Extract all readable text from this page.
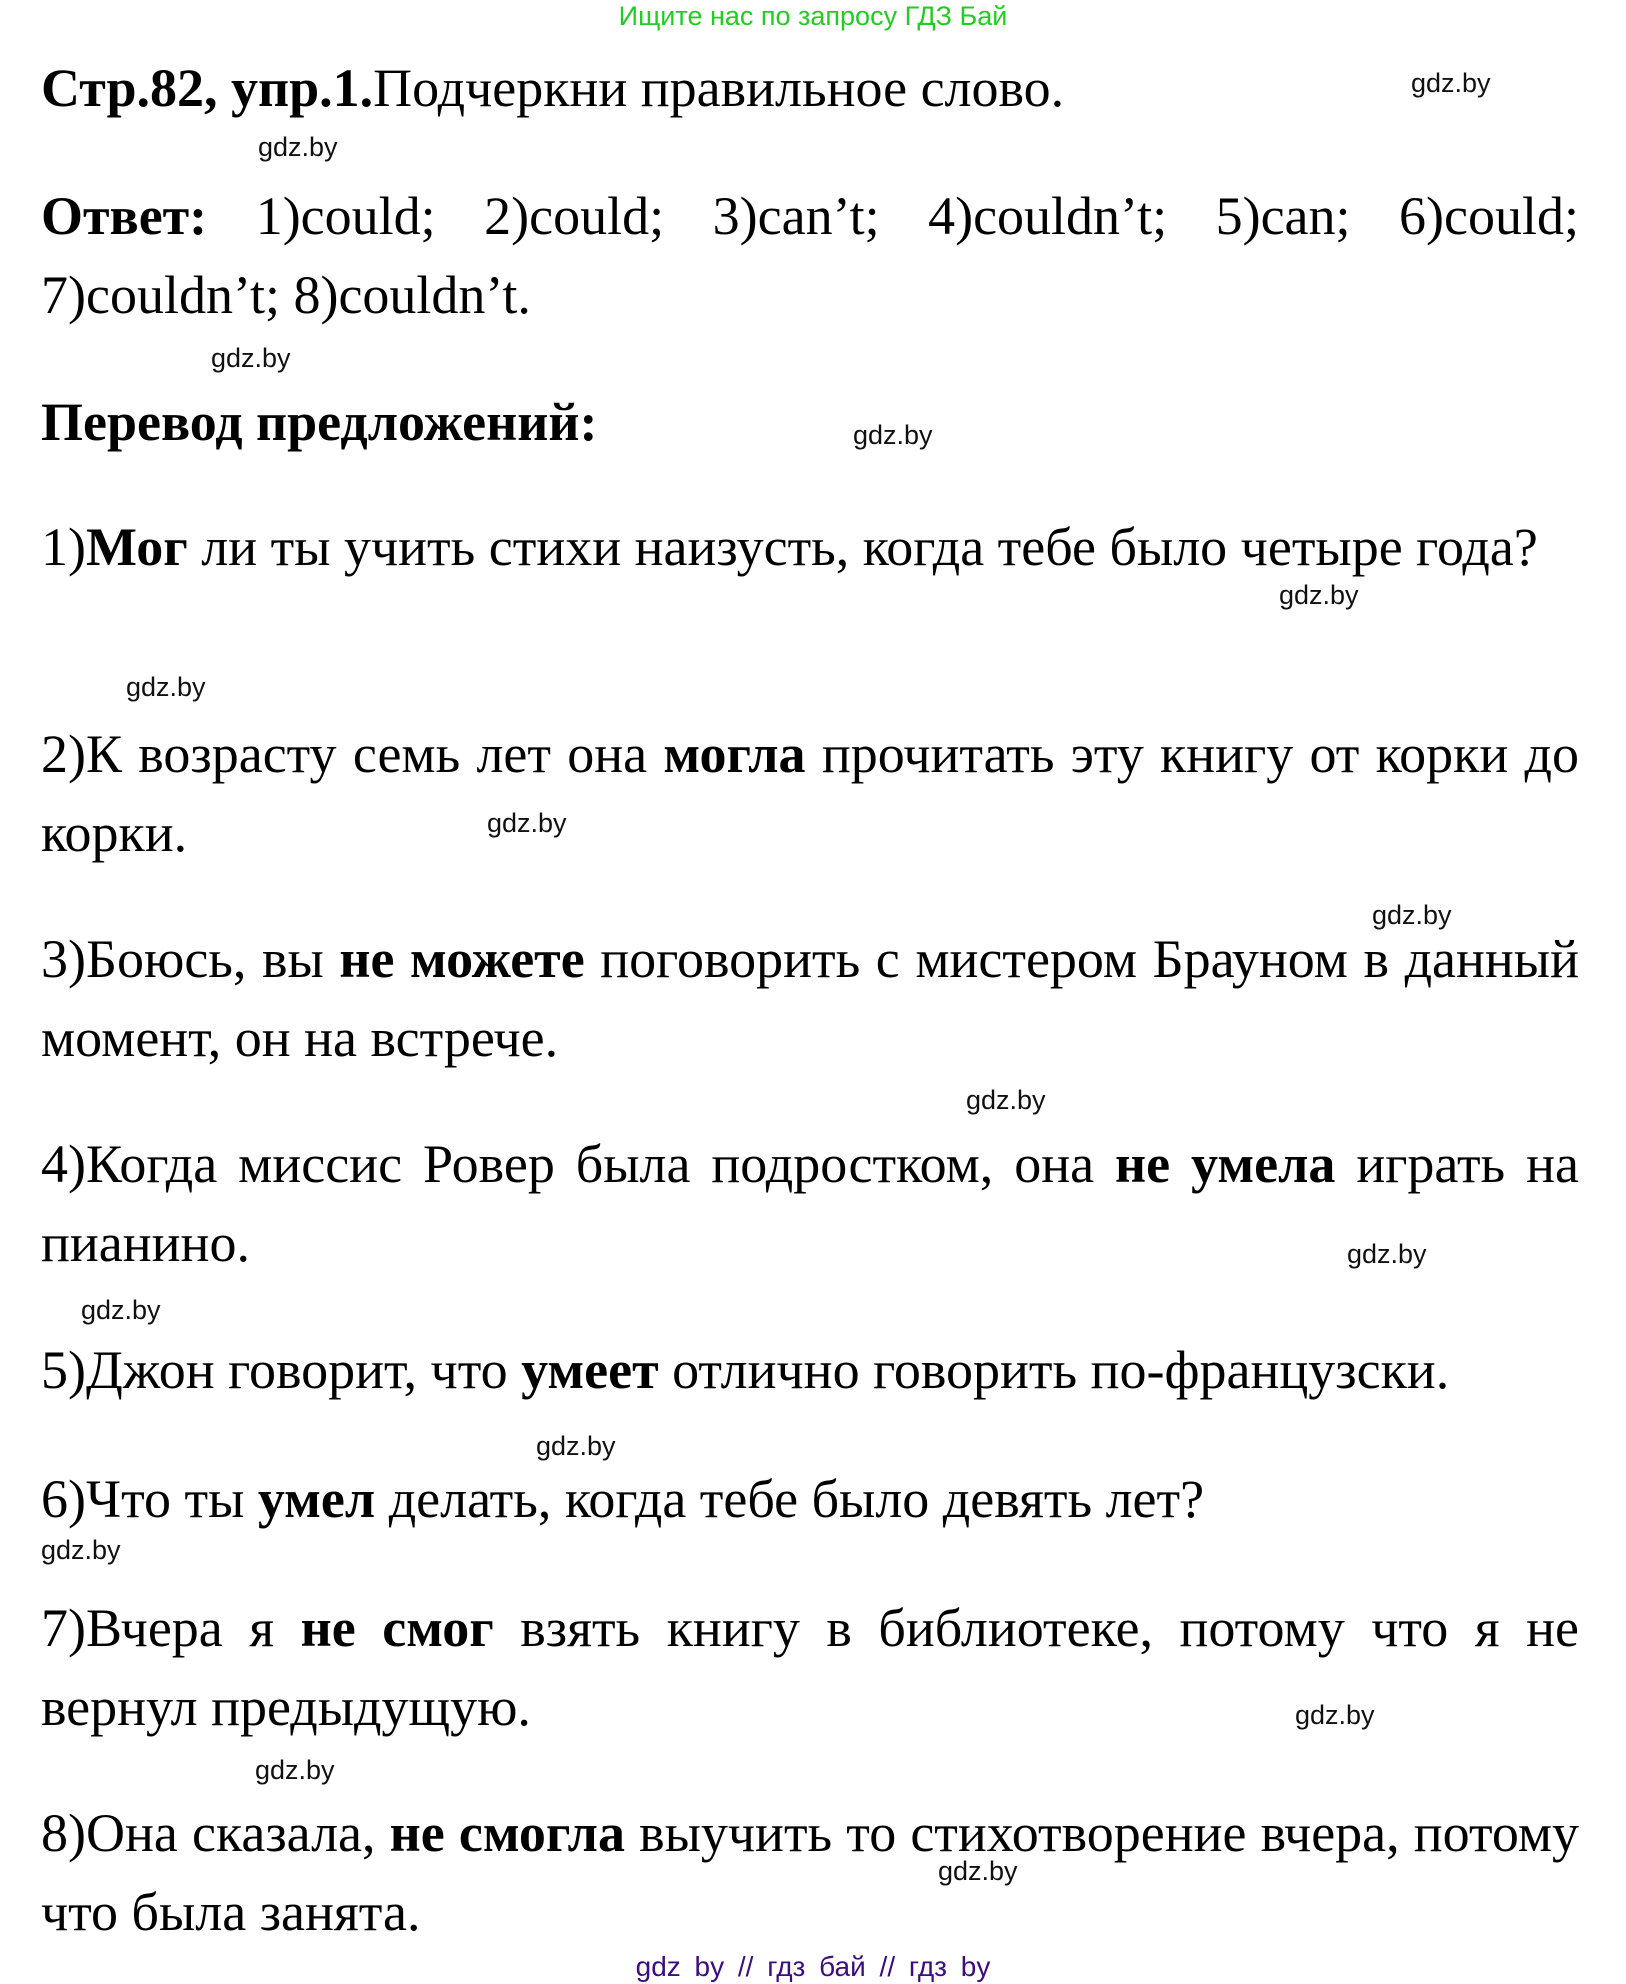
Ищите нас по запросу ГДЗ Бай
Стр.82, упр.1.Подчеркни правильное слово.	gdz.by
gdz.by
Ответ: 1)could; 2)could; 3)can’t; 4)couldn’t; 5)can; 6)could; 7)couldn’t; 8)couldn’t.
gdz.by
Перевод предложений:	gdz.by
1)Мог ли ты учить стихи наизусть, когда тебе было четыре года?
gdz.by
gdz.by
2)К возрасту семь лет она могла прочитать эту книгу от корки до корки.	gdz.by
gdz.by
3)Боюсь, вы не можете поговорить с мистером Брауном в данный момент, он на встрече.
gdz.by
4)Когда миссис Ровер была подростком, она не умела играть на пианино.	gdz.by
gdz.by
5)Джон говорит, что умеет отлично говорить по-французски.
gdz.by
6)Что ты умел делать, когда тебе было девять лет?
gdz.by
7)Вчера я не смог взять книгу в библиотеке, потому что я не вернул предыдущую.	gdz.by
gdz.by
8)Она сказала, не смогла выучить то стихотворение вчера, потому что была занята.
gdz.by
gdz by // гдз бай // гдз by
